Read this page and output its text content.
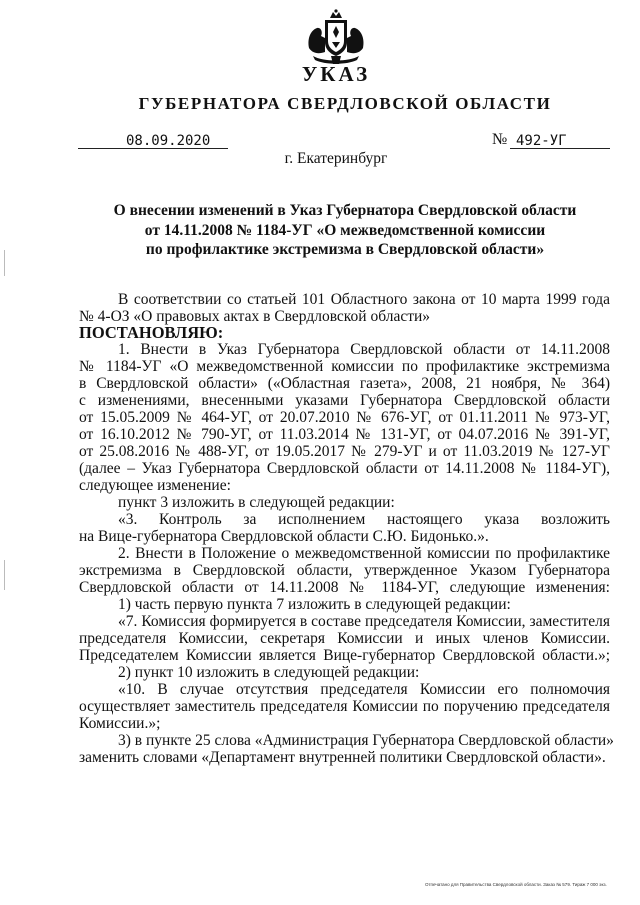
УКАЗ
ГУБЕРНАТОРА СВЕРДЛОВСКОЙ ОБЛАСТИ
08.09.2020	№ 492-УГ
г. Екатеринбург
О внесении изменений в Указ Губернатора Свердловской области
от 14.11.2008 № 1184-УГ «О межведомственной комиссии
по профилактике экстремизма в Свердловской области»
В соответствии со статьей 101 Областного закона от 10 марта 1999 года
№ 4-ОЗ «О правовых актах в Свердловской области»
ПОСТАНОВЛЯЮ:
1. Внести в Указ Губернатора Свердловской области от 14.11.2008
№ 1184-УГ «О межведомственной комиссии по профилактике экстремизма
в Свердловской области» («Областная газета», 2008, 21 ноября, № 364)
с изменениями, внесенными указами Губернатора Свердловской области
от 15.05.2009 № 464-УГ, от 20.07.2010 № 676-УГ, от 01.11.2011 № 973-УГ,
от 16.10.2012 № 790-УГ, от 11.03.2014 № 131-УГ, от 04.07.2016 № 391-УГ,
от 25.08.2016 № 488-УГ, от 19.05.2017 № 279-УГ и от 11.03.2019 № 127-УГ
(далее – Указ Губернатора Свердловской области от 14.11.2008 № 1184-УГ),
следующее изменение:
пункт 3 изложить в следующей редакции:
«3. Контроль за исполнением настоящего указа возложить
на Вице-губернатора Свердловской области С.Ю. Бидонько.».
2. Внести в Положение о межведомственной комиссии по профилактике
экстремизма в Свердловской области, утвержденное Указом Губернатора
Свердловской области от 14.11.2008 № 1184-УГ, следующие изменения:
1) часть первую пункта 7 изложить в следующей редакции:
«7. Комиссия формируется в составе председателя Комиссии, заместителя
председателя Комиссии, секретаря Комиссии и иных членов Комиссии.
Председателем Комиссии является Вице-губернатор Свердловской области.»;
2) пункт 10 изложить в следующей редакции:
«10. В случае отсутствия председателя Комиссии его полномочия
осуществляет заместитель председателя Комиссии по поручению председателя
Комиссии.»;
3) в пункте 25 слова «Администрация Губернатора Свердловской области»
заменить словами «Департамент внутренней политики Свердловской области».
Отпечатано для Правительства Свердловской области. Заказ № 579. Тираж 7 000 экз.
